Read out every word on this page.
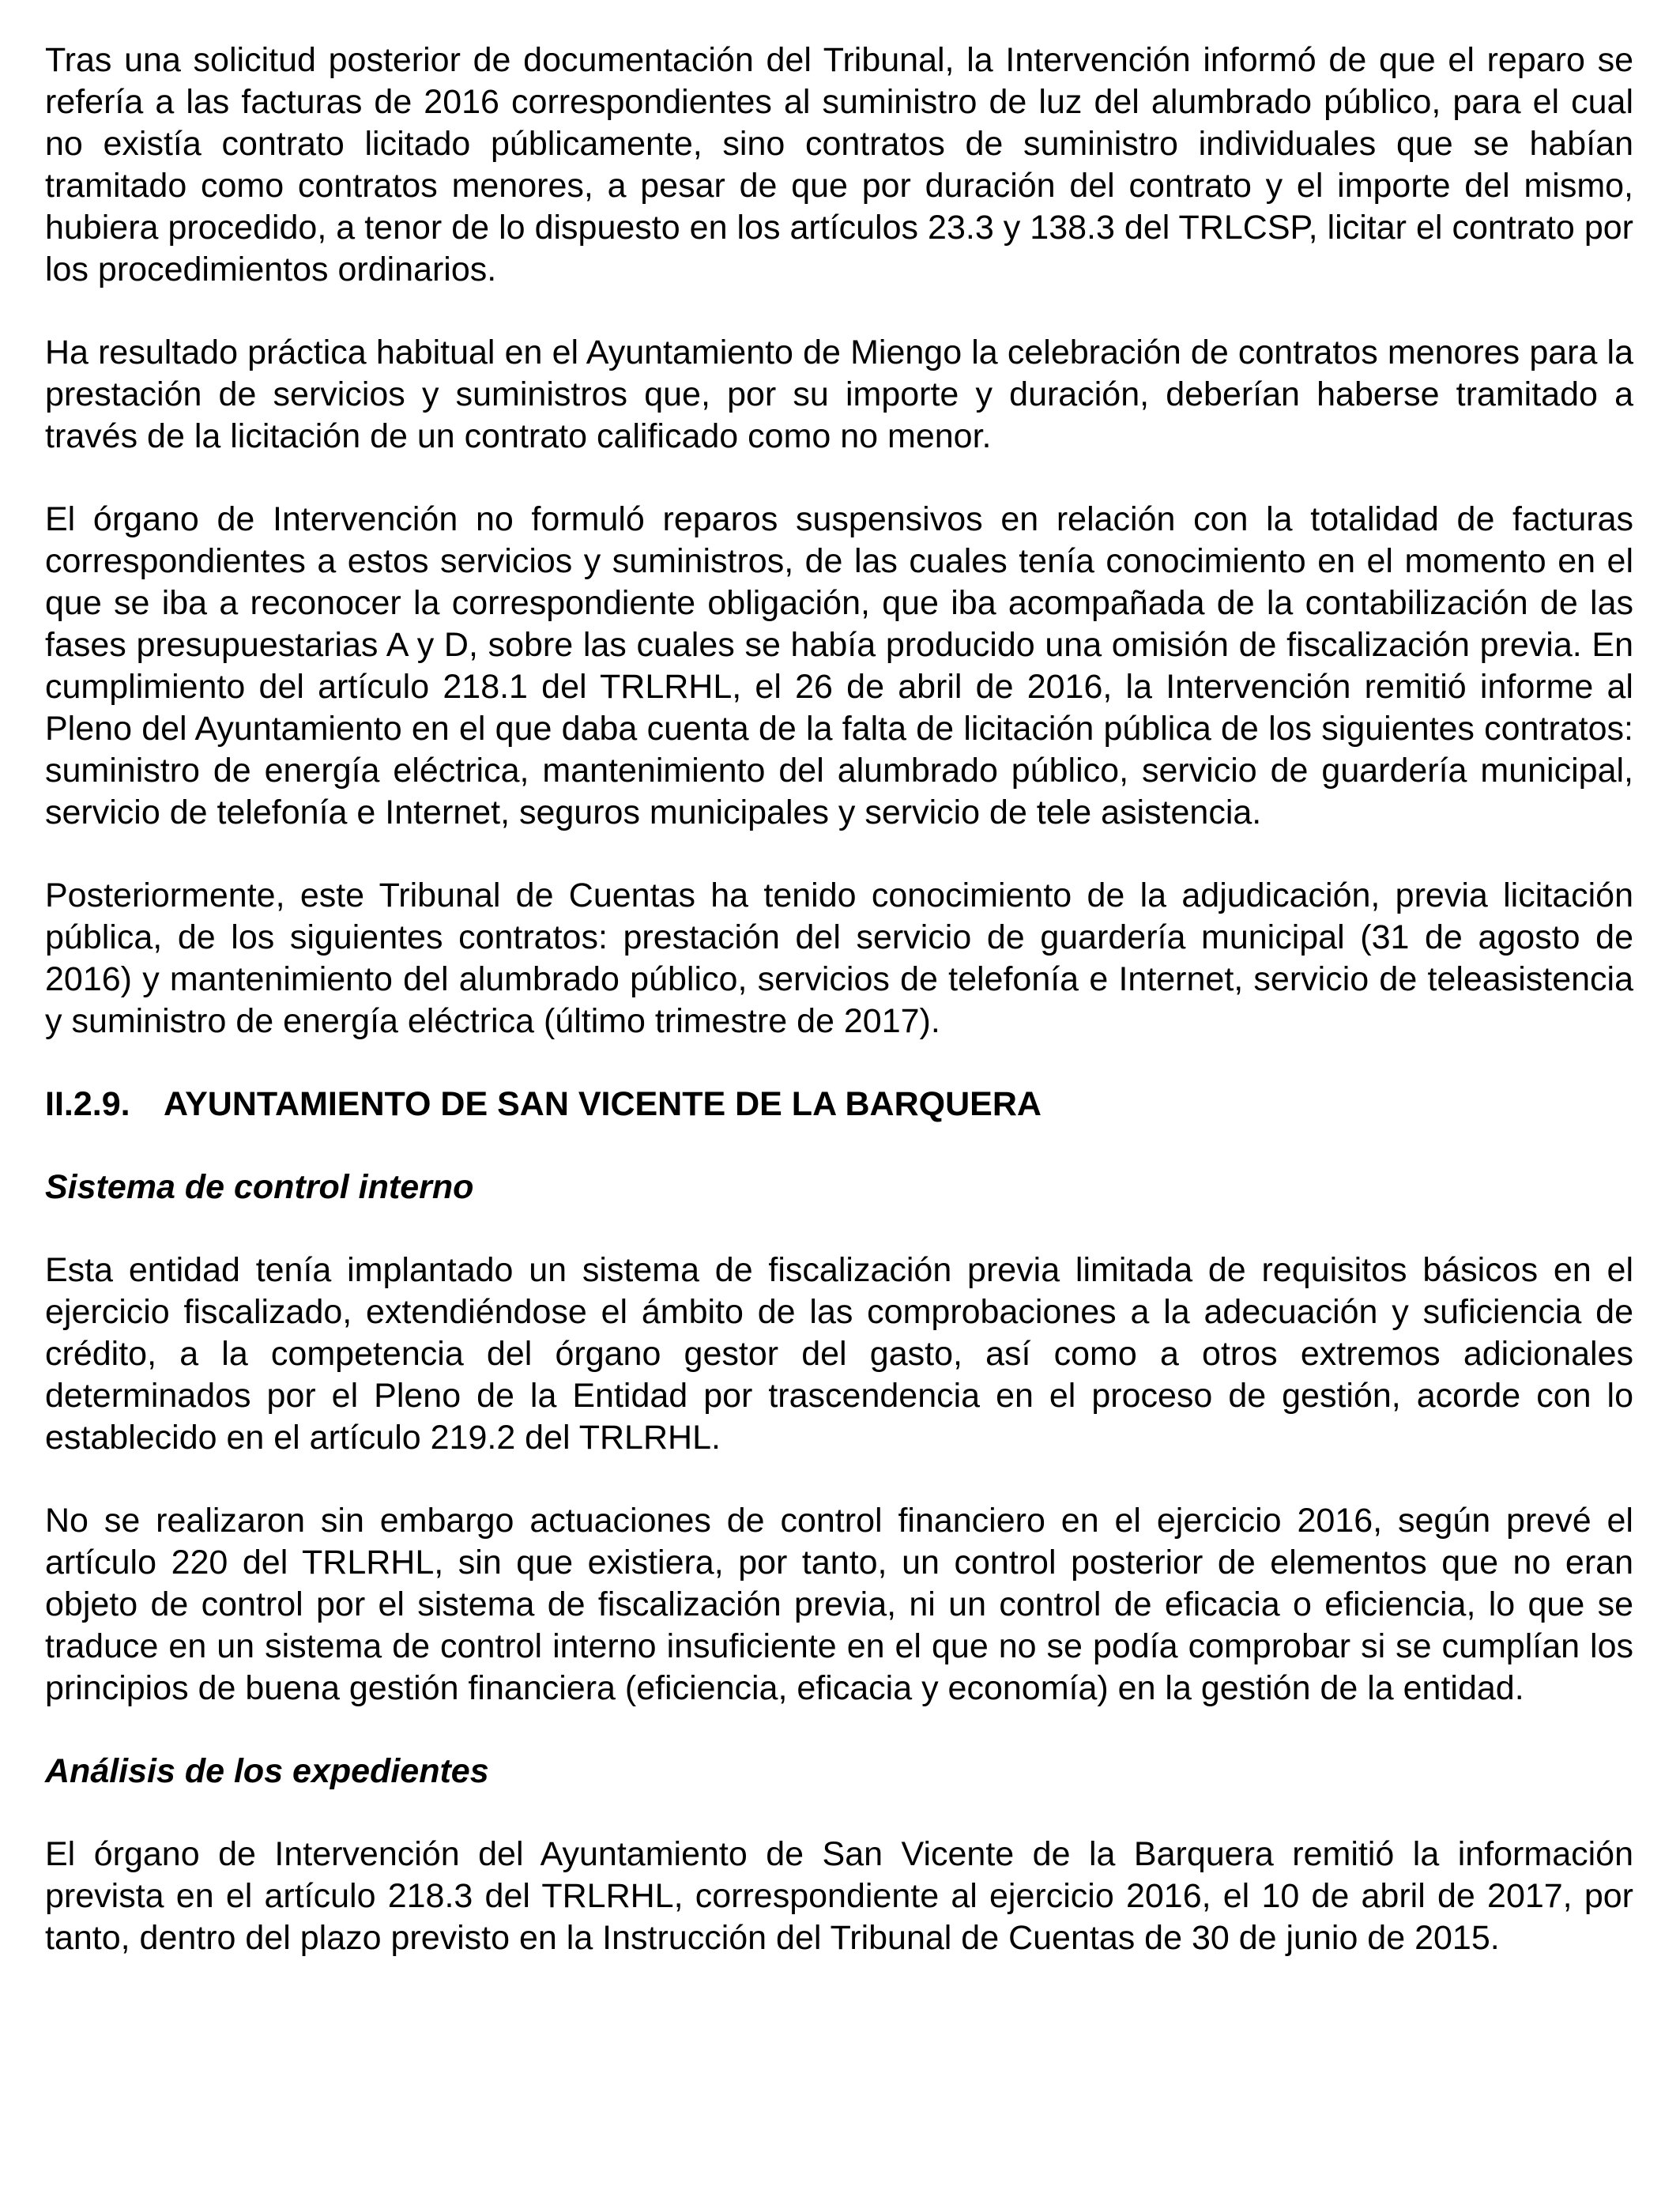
Tras una solicitud posterior de documentación del Tribunal, la Intervención informó de que el reparo se refería a las facturas de 2016 correspondientes al suministro de luz del alumbrado público, para el cual no existía contrato licitado públicamente, sino contratos de suministro individuales que se habían tramitado como contratos menores, a pesar de que por duración del contrato y el importe del mismo, hubiera procedido, a tenor de lo dispuesto en los artículos 23.3 y 138.3 del TRLCSP, licitar el contrato por los procedimientos ordinarios.

Ha resultado práctica habitual en el Ayuntamiento de Miengo la celebración de contratos menores para la prestación de servicios y suministros que, por su importe y duración, deberían haberse tramitado a través de la licitación de un contrato calificado como no menor.

El órgano de Intervención no formuló reparos suspensivos en relación con la totalidad de facturas correspondientes a estos servicios y suministros, de las cuales tenía conocimiento en el momento en el que se iba a reconocer la correspondiente obligación, que iba acompañada de la contabilización de las fases presupuestarias A y D, sobre las cuales se había producido una omisión de fiscalización previa. En cumplimiento del artículo 218.1 del TRLRHL, el 26 de abril de 2016, la Intervención remitió informe al Pleno del Ayuntamiento en el que daba cuenta de la falta de licitación pública de los siguientes contratos: suministro de energía eléctrica, mantenimiento del alumbrado público, servicio de guardería municipal, servicio de telefonía e Internet, seguros municipales y servicio de tele asistencia.

Posteriormente, este Tribunal de Cuentas ha tenido conocimiento de la adjudicación, previa licitación pública, de los siguientes contratos: prestación del servicio de guardería municipal (31 de agosto de 2016) y mantenimiento del alumbrado público, servicios de telefonía e Internet, servicio de teleasistencia y suministro de energía eléctrica (último trimestre de 2017).

II.2.9. AYUNTAMIENTO DE SAN VICENTE DE LA BARQUERA
Sistema de control interno

Esta entidad tenía implantado un sistema de fiscalización previa limitada de requisitos básicos en el ejercicio fiscalizado, extendiéndose el ámbito de las comprobaciones a la adecuación y suficiencia de crédito, a la competencia del órgano gestor del gasto, así como a otros extremos adicionales determinados por el Pleno de la Entidad por trascendencia en el proceso de gestión, acorde con lo establecido en el artículo 219.2 del TRLRHL.

No se realizaron sin embargo actuaciones de control financiero en el ejercicio 2016, según prevé el artículo 220 del TRLRHL, sin que existiera, por tanto, un control posterior de elementos que no eran objeto de control por el sistema de fiscalización previa, ni un control de eficacia o eficiencia, lo que se traduce en un sistema de control interno insuficiente en el que no se podía comprobar si se cumplían los principios de buena gestión financiera (eficiencia, eficacia y economía) en la gestión de la entidad.

Análisis de los expedientes

El órgano de Intervención del Ayuntamiento de San Vicente de la Barquera remitió la información prevista en el artículo 218.3 del TRLRHL, correspondiente al ejercicio 2016, el 10 de abril de 2017, por tanto, dentro del plazo previsto en la Instrucción del Tribunal de Cuentas de 30 de junio de 2015.
